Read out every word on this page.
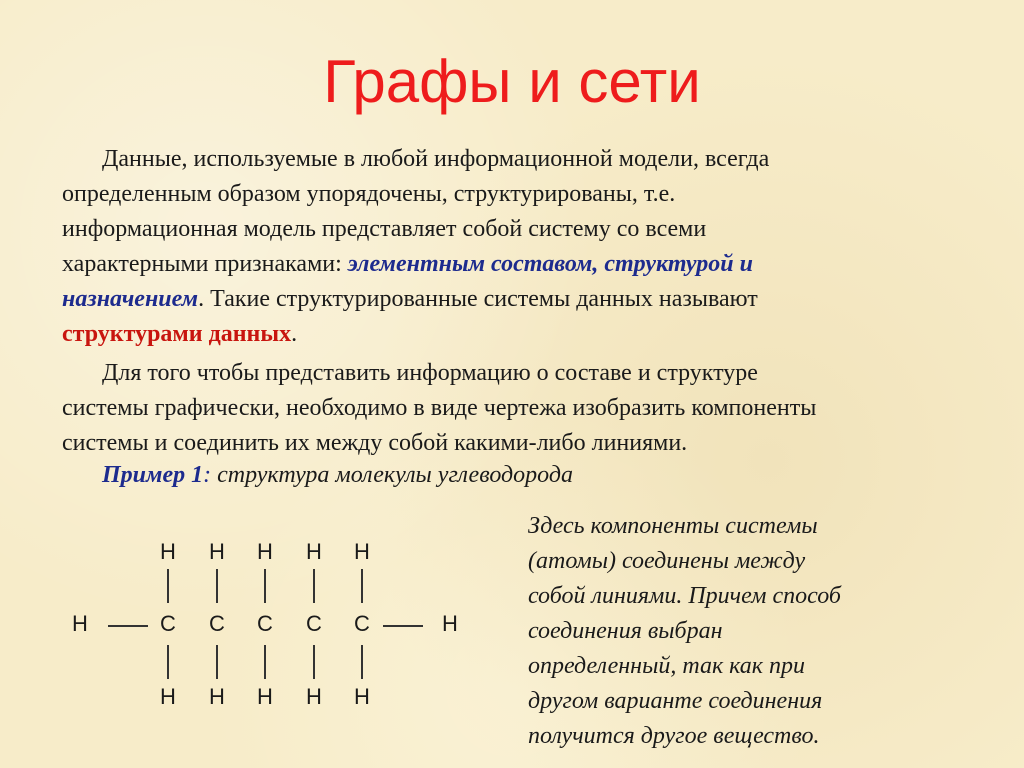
Графы и сети

Данные, используемые в любой информационной модели, всегда
определенным образом упорядочены, структурированы, т.е.
информационная модель представляет собой систему со всеми
характерными признаками: элементным составом, структурой и
назначением. Такие структурированные системы данных называют
структурами данных.

Для того чтобы представить информацию о составе и структуре
системы графически, необходимо в виде чертежа изобразить компоненты
системы и соединить их между собой какими-либо линиями.

Пример 1: структура молекулы углеводорода
H H H H H
H	C C C C C	H
H H H H H
Здесь компоненты системы
(атомы) соединены между
собой линиями. Причем способ
соединения выбран
определенный, так как при
другом варианте соединения
получится другое вещество.
